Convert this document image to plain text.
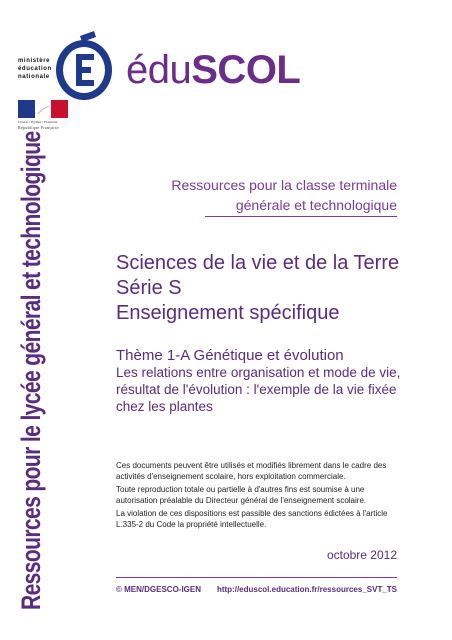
ministère
éducation
nationale
Liberté • Égalité • Fraternité
République Française
éduSCOL
Ressources pour le lycée général et technologique	Ressources pour la classe terminale
générale et technologique
Sciences de la vie et de la Terre
Série S
Enseignement spécifique
Thème 1-A Génétique et évolution
Les relations entre organisation et mode de vie, résultat de l'évolution : l'exemple de la vie fixée chez les plantes
Ces documents peuvent être utilisés et modifiés librement dans le cadre des activités d'enseignement scolaire, hors exploitation commerciale.
Toute reproduction totale ou partielle à d'autres fins est soumise à une autorisation préalable du Directeur général de l'enseignement scolaire.
La violation de ces dispositions est passible des sanctions édictées à l'article L.335-2 du Code la propriété intellectuelle.
octobre 2012
© MEN/DGESCO-IGEN	http://eduscol.education.fr/ressources_SVT_TS
